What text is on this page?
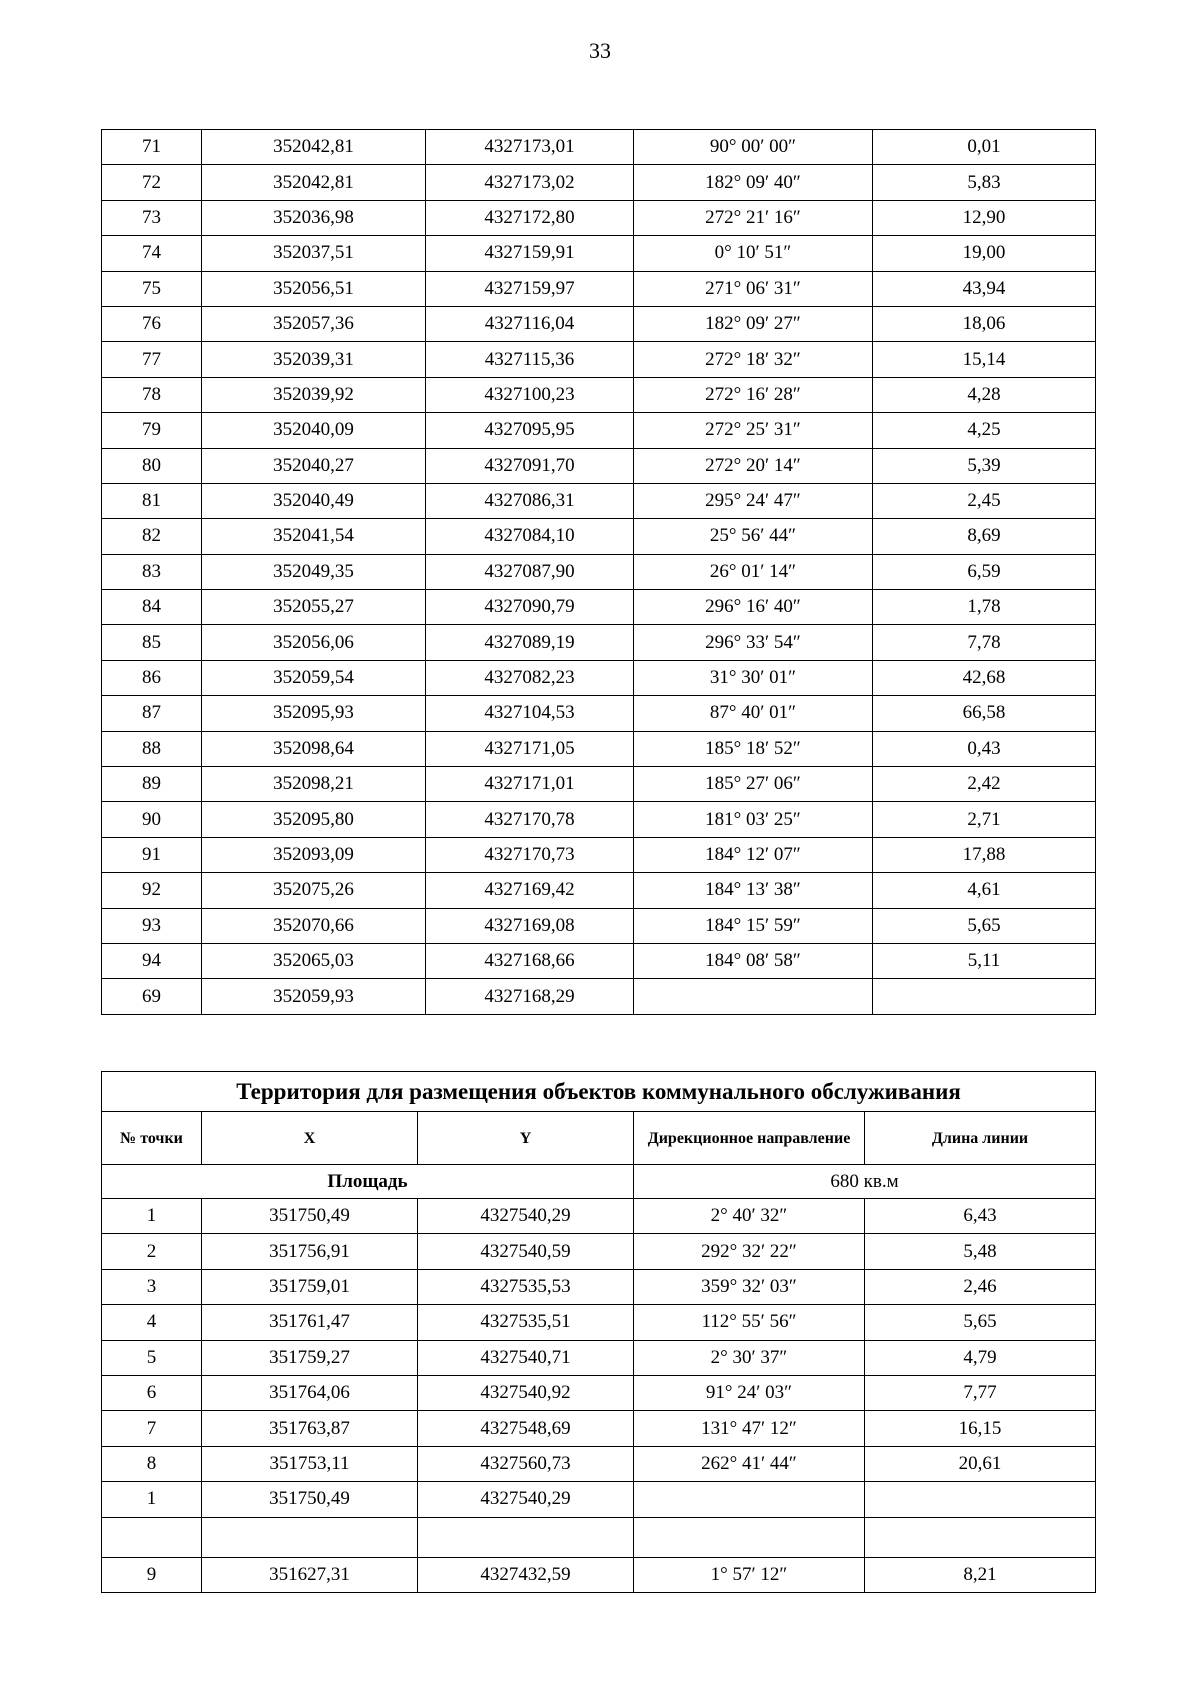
33
71	352042,81	4327173,01	90° 00′ 00″	0,01
72	352042,81	4327173,02	182° 09′ 40″	5,83
73	352036,98	4327172,80	272° 21′ 16″	12,90
74	352037,51	4327159,91	0° 10′ 51″	19,00
75	352056,51	4327159,97	271° 06′ 31″	43,94
76	352057,36	4327116,04	182° 09′ 27″	18,06
77	352039,31	4327115,36	272° 18′ 32″	15,14
78	352039,92	4327100,23	272° 16′ 28″	4,28
79	352040,09	4327095,95	272° 25′ 31″	4,25
80	352040,27	4327091,70	272° 20′ 14″	5,39
81	352040,49	4327086,31	295° 24′ 47″	2,45
82	352041,54	4327084,10	25° 56′ 44″	8,69
83	352049,35	4327087,90	26° 01′ 14″	6,59
84	352055,27	4327090,79	296° 16′ 40″	1,78
85	352056,06	4327089,19	296° 33′ 54″	7,78
86	352059,54	4327082,23	31° 30′ 01″	42,68
87	352095,93	4327104,53	87° 40′ 01″	66,58
88	352098,64	4327171,05	185° 18′ 52″	0,43
89	352098,21	4327171,01	185° 27′ 06″	2,42
90	352095,80	4327170,78	181° 03′ 25″	2,71
91	352093,09	4327170,73	184° 12′ 07″	17,88
92	352075,26	4327169,42	184° 13′ 38″	4,61
93	352070,66	4327169,08	184° 15′ 59″	5,65
94	352065,03	4327168,66	184° 08′ 58″	5,11
69	352059,93	4327168,29		
Территория для размещения объектов коммунального обслуживания				
№ точки	X	Y	Дирекционное направление	Длина линии
Площадь			680 кв.м	
1	351750,49	4327540,29	2° 40′ 32″	6,43
2	351756,91	4327540,59	292° 32′ 22″	5,48
3	351759,01	4327535,53	359° 32′ 03″	2,46
4	351761,47	4327535,51	112° 55′ 56″	5,65
5	351759,27	4327540,71	2° 30′ 37″	4,79
6	351764,06	4327540,92	91° 24′ 03″	7,77
7	351763,87	4327548,69	131° 47′ 12″	16,15
8	351753,11	4327560,73	262° 41′ 44″	20,61
1	351750,49	4327540,29		

9	351627,31	4327432,59	1° 57′ 12″	8,21
